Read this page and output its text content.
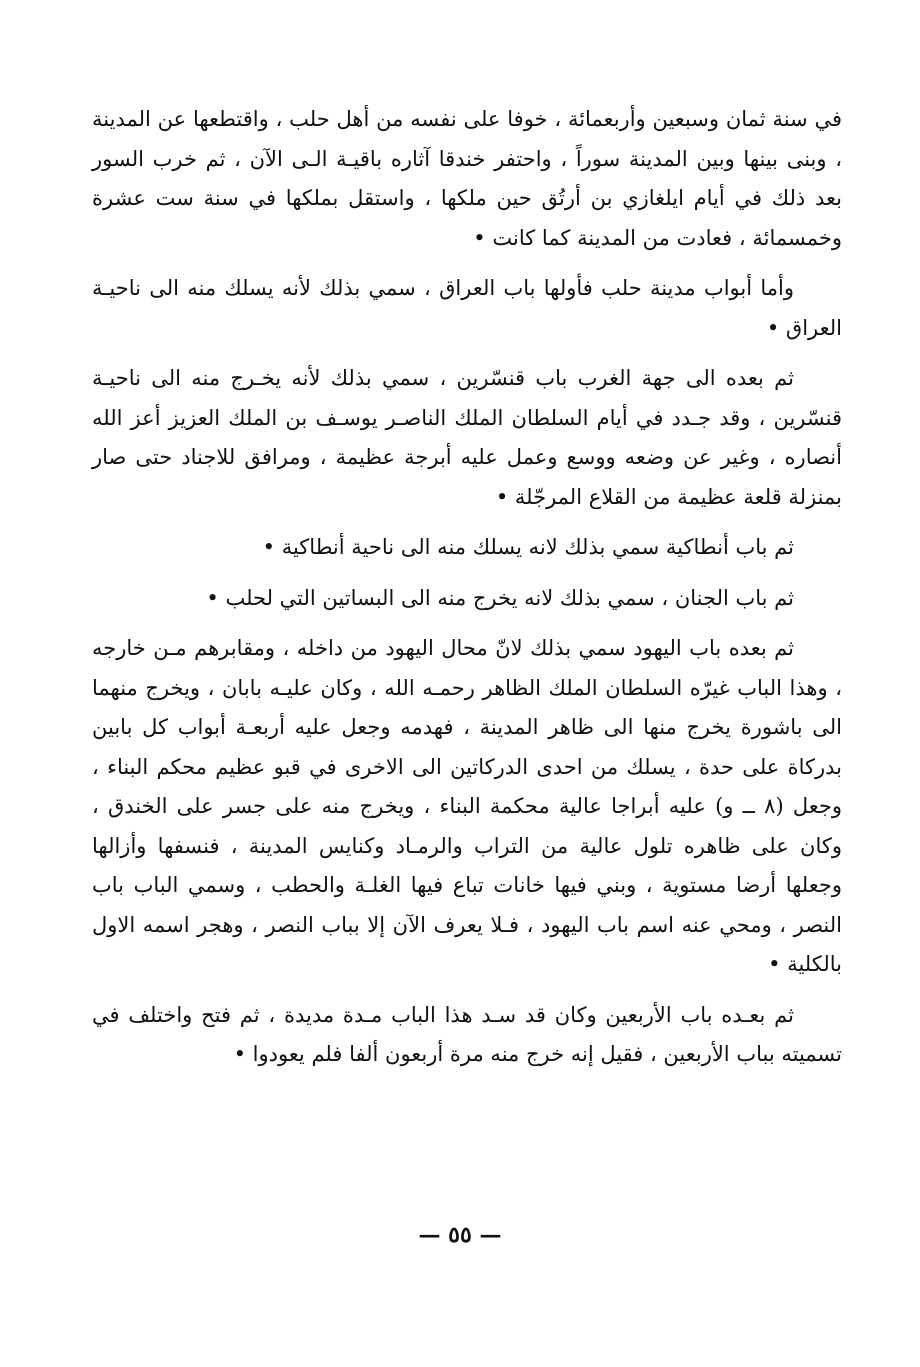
في سنة ثمان وسبعين وأربعمائة ، خوفا على نفسه من أهل حلب ، واقتطعها عن المدينة ، وبنى بينها وبين المدينة سوراً ، واحتفر خندقا آثاره باقيـة الـى الآن ، ثم خرب السور بعد ذلك في أيام ايلغازي بن أرتُق حين ملكها ، واستقل بملكها في سنة ست عشرة وخمسمائة ، فعادت من المدينة كما كانت •

وأما أبواب مدينة حلب فأولها باب العراق ، سمي بذلك لأنه يسلك منه الى ناحيـة العراق •

ثم بعده الى جهة الغرب باب قنسّرين ، سمي بذلك لأنه يخـرج منه الى ناحيـة قنسّرين ، وقد جـدد في أيام السلطان الملك الناصـر يوسـف بن الملك العزيز أعز الله أنصاره ، وغير عن وضعه ووسع وعمل عليه أبرجة عظيمة ، ومرافق للاجناد حتى صار بمنزلة قلعة عظيمة من القلاع المرجّلة •

ثم باب أنطاكية سمي بذلك لانه يسلك منه الى ناحية أنطاكية •

ثم باب الجنان ، سمي بذلك لانه يخرج منه الى البساتين التي لحلب •

ثم بعده باب اليهود سمي بذلك لانّ محال اليهود من داخله ، ومقابرهم مـن خارجه ، وهذا الباب غيرّه السلطان الملك الظاهر رحمـه الله ، وكان عليـه بابان ، ويخرج منهما الى باشورة يخرج منها الى ظاهر المدينة ، فهدمه وجعل عليه أربعـة أبواب كل بابين بدركاة على حدة ، يسلك من احدى الدركاتين الى الاخرى في قبو عظيم محكم البناء ، وجعل (٨ ــ و) عليه أبراجا عالية محكمة البناء ، ويخرج منه على جسر على الخندق ، وكان على ظاهره تلول عالية من التراب والرمـاد وكنايس المدينة ، فنسفها وأزالها وجعلها أرضا مستوية ، وبني فيها خانات تباع فيها الغلـة والحطب ، وسمي الباب باب النصر ، ومحي عنه اسم باب اليهود ، فـلا يعرف الآن إلا بباب النصر ، وهجر اسمه الاول بالكلية •

ثم بعـده باب الأربعين وكان قد سـد هذا الباب مـدة مديدة ، ثم فتح واختلف في تسميته بباب الأربعين ، فقيل إنه خرج منه مرة أربعون ألفا فلم يعودوا •

— ٥٥ —
